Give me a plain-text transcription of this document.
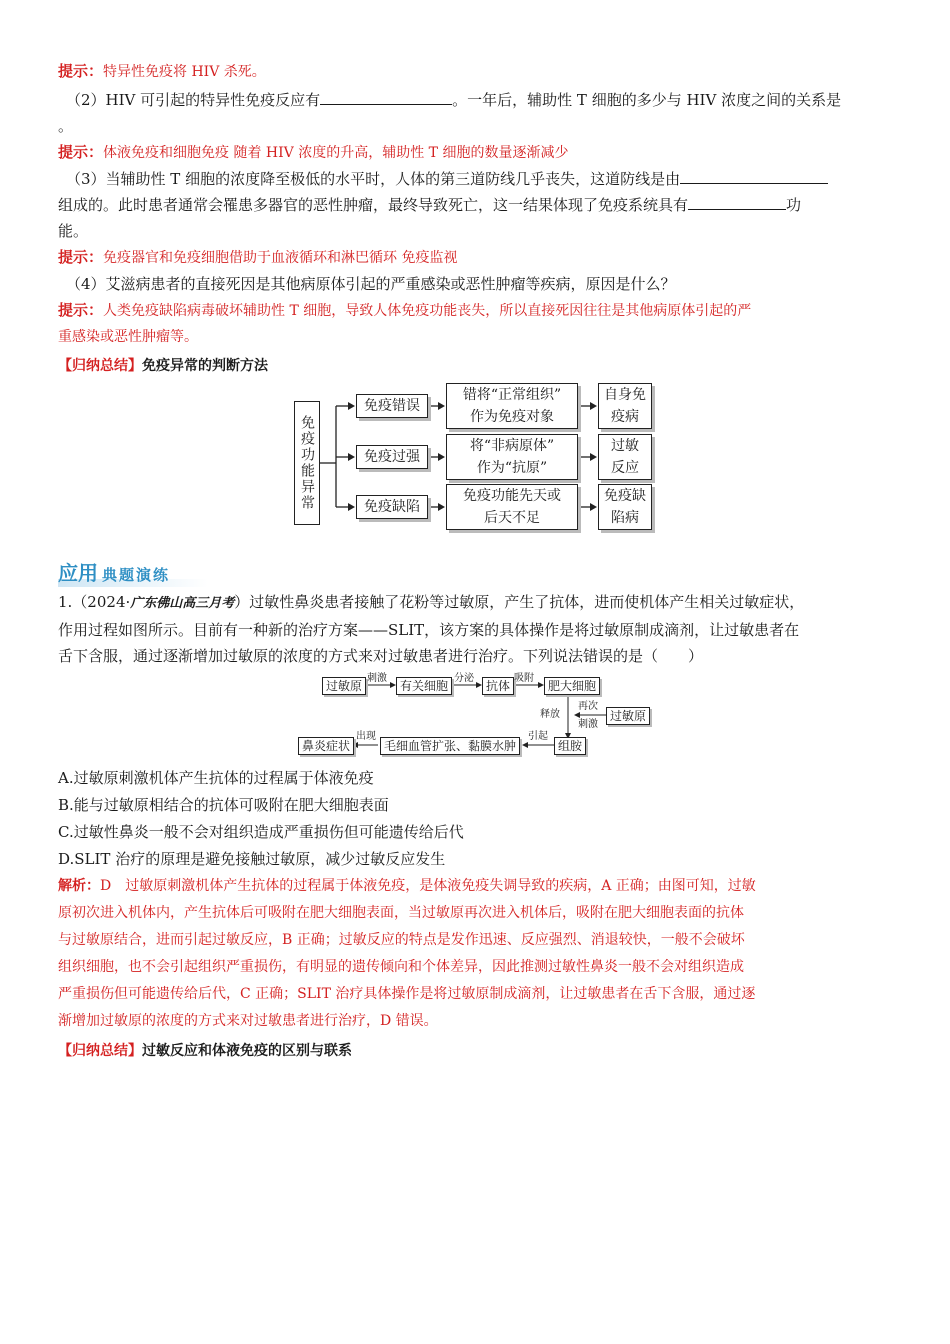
提示：特异性免疫将 HIV 杀死。

（2）HIV 可引起的特异性免疫反应有	。一年后，辅助性 T 细胞的多少与 HIV 浓度之间的关系是

。

提示：体液免疫和细胞免疫 随着 HIV 浓度的升高，辅助性 T 细胞的数量逐渐减少

（3）当辅助性 T 细胞的浓度降至极低的水平时，人体的第三道防线几乎丧失，这道防线是由

组成的。此时患者通常会罹患多器官的恶性肿瘤，最终导致死亡，这一结果体现了免疫系统具有	功

能。

提示：免疫器官和免疫细胞借助于血液循环和淋巴循环 免疫监视

（4）艾滋病患者的直接死因是其他病原体引起的严重感染或恶性肿瘤等疾病，原因是什么？

提示：人类免疫缺陷病毒破坏辅助性 T 细胞，导致人体免疫功能丧失，所以直接死因往往是其他病原体引起的严

重感染或恶性肿瘤等。

【归纳总结】免疫异常的判断方法

免疫功能异常
免疫错误
免疫过强
免疫缺陷
错将“正常组织”
作为免疫对象
将“非病原体”
作为“抗原”
免疫功能先天或
后天不足
自身免
疫病
过敏
反应
免疫缺
陷病
应用 典题演练

1.（2024·广东佛山高三月考）过敏性鼻炎患者接触了花粉等过敏原，产生了抗体，进而使机体产生相关过敏症状，

作用过程如图所示。目前有一种新的治疗方案——SLIT，该方案的具体操作是将过敏原制成滴剂，让过敏患者在

舌下含服，通过逐渐增加过敏原的浓度的方式来对过敏患者进行治疗。下列说法错误的是（　　）

过敏原
刺激
有关细胞
分泌
抗体
吸附
肥大细胞
过敏原
再次
刺激
释放
组胺
引起
毛细血管扩张、黏膜水肿
出现
鼻炎症状

A.过敏原刺激机体产生抗体的过程属于体液免疫

B.能与过敏原相结合的抗体可吸附在肥大细胞表面

C.过敏性鼻炎一般不会对组织造成严重损伤但可能遗传给后代

D.SLIT 治疗的原理是避免接触过敏原，减少过敏反应发生

解析：D　过敏原刺激机体产生抗体的过程属于体液免疫，是体液免疫失调导致的疾病，A 正确；由图可知，过敏

原初次进入机体内，产生抗体后可吸附在肥大细胞表面，当过敏原再次进入机体后，吸附在肥大细胞表面的抗体

与过敏原结合，进而引起过敏反应，B 正确；过敏反应的特点是发作迅速、反应强烈、消退较快，一般不会破坏

组织细胞，也不会引起组织严重损伤，有明显的遗传倾向和个体差异，因此推测过敏性鼻炎一般不会对组织造成

严重损伤但可能遗传给后代，C 正确；SLIT 治疗具体操作是将过敏原制成滴剂，让过敏患者在舌下含服，通过逐

渐增加过敏原的浓度的方式来对过敏患者进行治疗，D 错误。

【归纳总结】过敏反应和体液免疫的区别与联系
